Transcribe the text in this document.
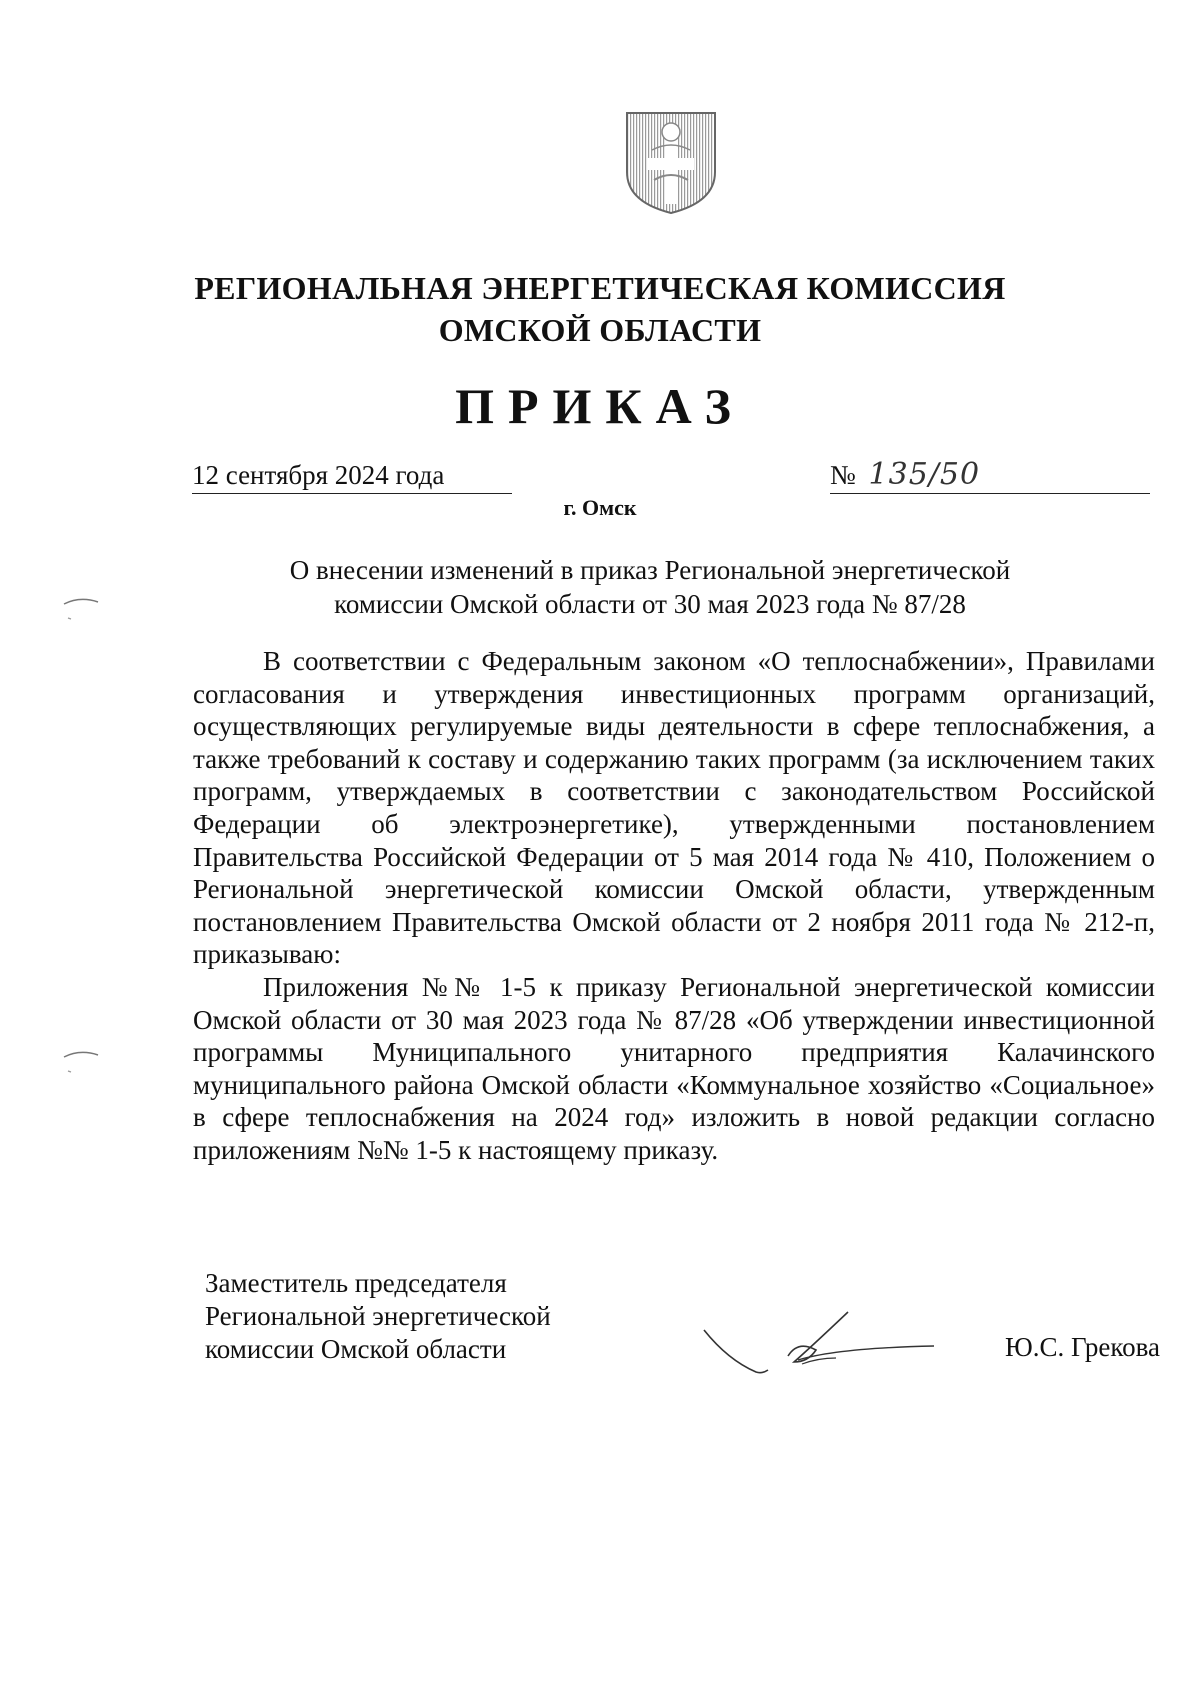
РЕГИОНАЛЬНАЯ ЭНЕРГЕТИЧЕСКАЯ КОМИССИЯ
ОМСКОЙ ОБЛАСТИ
ПРИКАЗ
12 сентября 2024 года	№ 135/50
г. Омск
О внесении изменений в приказ Региональной энергетической
комиссии Омской области от 30 мая 2023 года № 87/28

В соответствии с Федеральным законом «О теплоснабжении», Правилами согласования и утверждения инвестиционных программ организаций, осуществляющих регулируемые виды деятельности в сфере теплоснабжения, а также требований к составу и содержанию таких программ (за исключением таких программ, утверждаемых в соответствии с законодательством Российской Федерации об электроэнергетике), утвержденными постановлением Правительства Российской Федерации от 5 мая 2014 года № 410, Положением о Региональной энергетической комиссии Омской области, утвержденным постановлением Правительства Омской области от 2 ноября 2011 года № 212-п, приказываю:

Приложения №№ 1-5 к приказу Региональной энергетической комиссии Омской области от 30 мая 2023 года № 87/28 «Об утверждении инвестиционной программы Муниципального унитарного предприятия Калачинского муниципального района Омской области «Коммунальное хозяйство «Социальное» в сфере теплоснабжения на 2024 год» изложить в новой редакции согласно приложениям №№ 1-5 к настоящему приказу.

Заместитель председателя
Региональной энергетической
комиссии Омской области	Ю.С. Грекова
